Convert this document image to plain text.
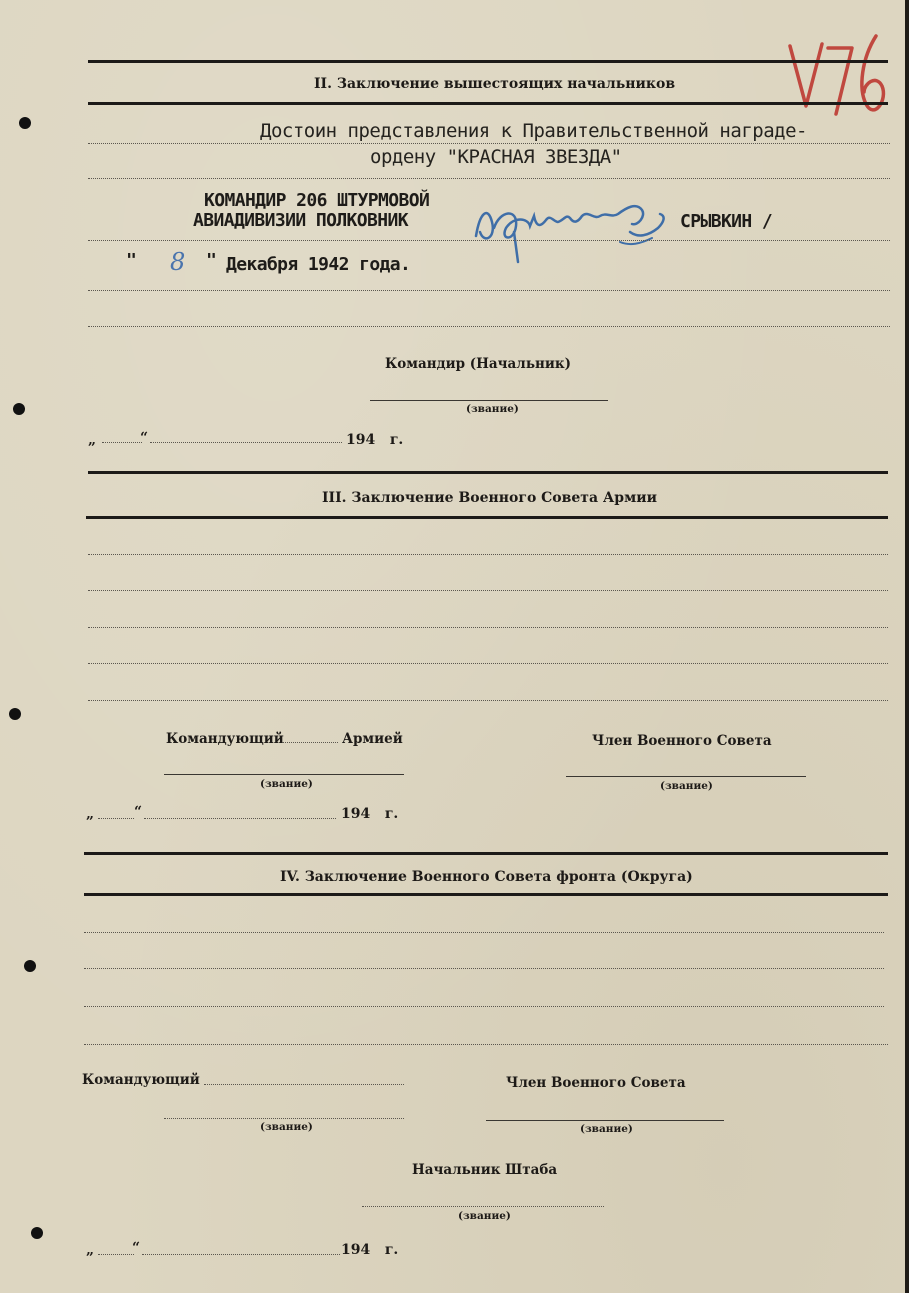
II. Заключение вышестоящих начальников
Достоин представления к Правительственной награде-
ордену "КРАСНАЯ ЗВЕЗДА"
КОМАНДИР 206 ШТУРМОВОЙ
АВИАДИВИЗИИ ПОЛКОВНИК	СРЫВКИН /
" 8 " Декабря 1942 года.
Командир (Начальник)
(звание)
„	“	194   г.
III. Заключение Военного Совета Армии
Командующий	Армией	Член Военного Совета
(звание)	(звание)
„	“	194   г.
IV. Заключение Военного Совета фронта (Округа)
Командующий	Член Военного Совета
(звание)	(звание)
Начальник Штаба
(звание)
„	“	194   г.
